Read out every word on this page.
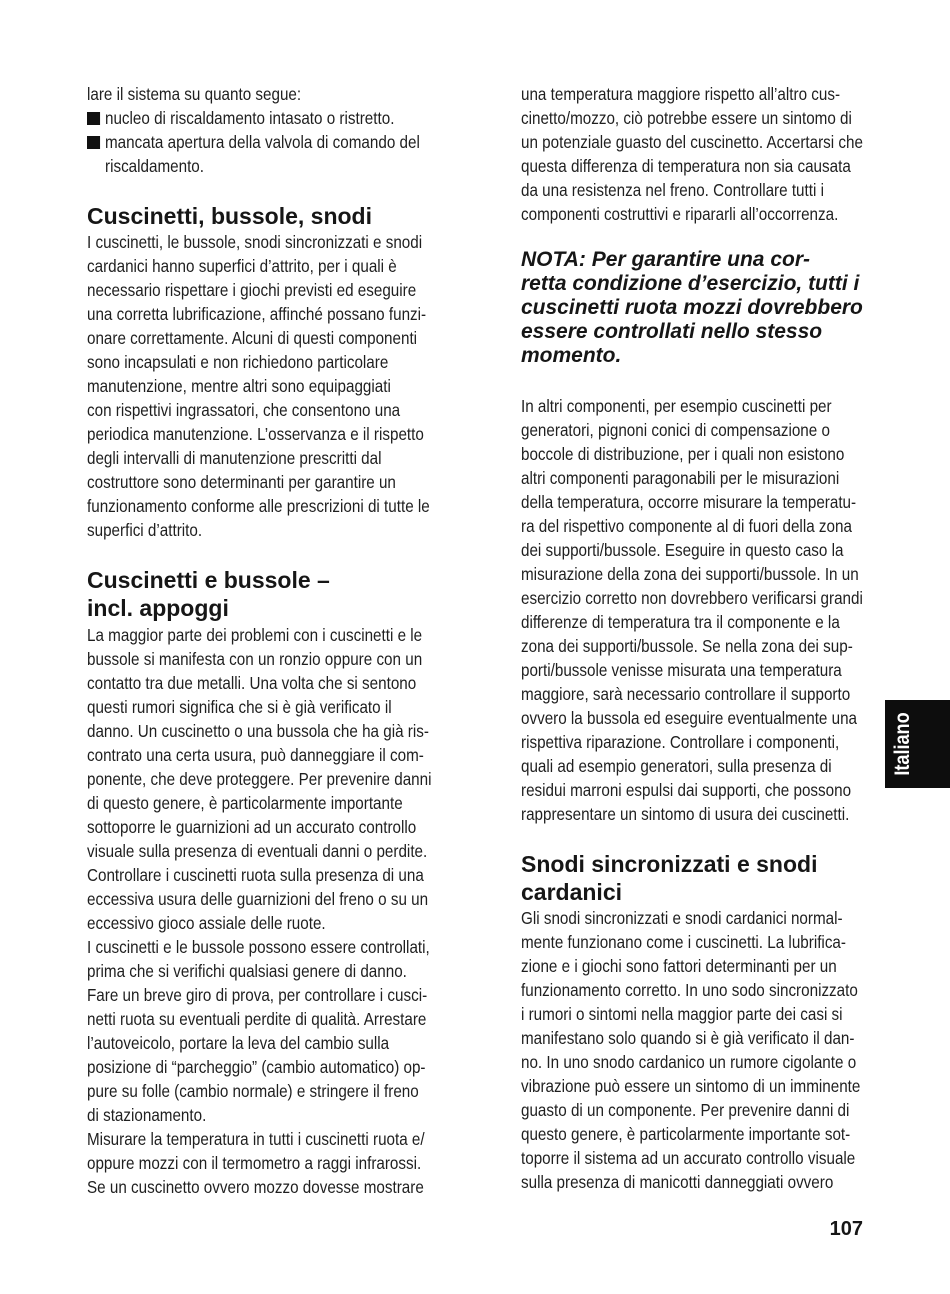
lare il sistema su quanto segue:
nucleo di riscaldamento intasato o ristretto.
mancata apertura della valvola di comando del
riscaldamento.
Cuscinetti, bussole, snodi
I cuscinetti, le bussole, snodi sincronizzati e snodi
cardanici hanno superfici d’attrito, per i quali è
necessario rispettare i giochi previsti ed eseguire
una corretta lubrificazione, affinché possano funzi-
onare correttamente. Alcuni di questi componenti
sono incapsulati e non richiedono particolare
manutenzione, mentre altri sono equipaggiati
con rispettivi ingrassatori, che consentono una
periodica manutenzione. L’osservanza e il rispetto
degli intervalli di manutenzione prescritti dal
costruttore sono determinanti per garantire un
funzionamento conforme alle prescrizioni di tutte le
superfici d’attrito.
Cuscinetti e bussole –
incl. appoggi
La maggior parte dei problemi con i cuscinetti e le
bussole si manifesta con un ronzio oppure con un
contatto tra due metalli. Una volta che si sentono
questi rumori significa che si è già verificato il
danno. Un cuscinetto o una bussola che ha già ris-
contrato una certa usura, può danneggiare il com-
ponente, che deve proteggere. Per prevenire danni
di questo genere, è particolarmente importante
sottoporre le guarnizioni ad un accurato controllo
visuale sulla presenza di eventuali danni o perdite.
Controllare i cuscinetti ruota sulla presenza di una
eccessiva usura delle guarnizioni del freno o su un
eccessivo gioco assiale delle ruote.
I cuscinetti e le bussole possono essere controllati,
prima che si verifichi qualsiasi genere di danno.
Fare un breve giro di prova, per controllare i cusci-
netti ruota su eventuali perdite di qualità. Arrestare
l’autoveicolo, portare la leva del cambio sulla
posizione di “parcheggio” (cambio automatico) op-
pure su folle (cambio normale) e stringere il freno
di stazionamento.
Misurare la temperatura in tutti i cuscinetti ruota e/
oppure mozzi con il termometro a raggi infrarossi.
Se un cuscinetto ovvero mozzo dovesse mostrare
una temperatura maggiore rispetto all’altro cus-
cinetto/mozzo, ciò potrebbe essere un sintomo di
un potenziale guasto del cuscinetto. Accertarsi che
questa differenza di temperatura non sia causata
da una resistenza nel freno. Controllare tutti i
componenti costruttivi e ripararli all’occorrenza.
NOTA: Per garantire una cor-
retta condizione d’esercizio, tutti i
cuscinetti ruota mozzi dovrebbero
essere controllati nello stesso
momento.
In altri componenti, per esempio cuscinetti per
generatori, pignoni conici di compensazione o
boccole di distribuzione, per i quali non esistono
altri componenti paragonabili per le misurazioni
della temperatura, occorre misurare la temperatu-
ra del rispettivo componente al di fuori della zona
dei supporti/bussole. Eseguire in questo caso la
misurazione della zona dei supporti/bussole. In un
esercizio corretto non dovrebbero verificarsi grandi
differenze di temperatura tra il componente e la
zona dei supporti/bussole. Se nella zona dei sup-
porti/bussole venisse misurata una temperatura
maggiore, sarà necessario controllare il supporto
ovvero la bussola ed eseguire eventualmente una
rispettiva riparazione. Controllare i componenti,
quali ad esempio generatori, sulla presenza di
residui marroni espulsi dai supporti, che possono
rappresentare un sintomo di usura dei cuscinetti.
Snodi sincronizzati e snodi
cardanici
Gli snodi sincronizzati e snodi cardanici normal-
mente funzionano come i cuscinetti. La lubrifica-
zione e i giochi sono fattori determinanti per un
funzionamento corretto. In uno sodo sincronizzato
i rumori o sintomi nella maggior parte dei casi si
manifestano solo quando si è già verificato il dan-
no. In uno snodo cardanico un rumore cigolante o
vibrazione può essere un sintomo di un imminente
guasto di un componente. Per prevenire danni di
questo genere, è particolarmente importante sot-
toporre il sistema ad un accurato controllo visuale
sulla presenza di manicotti danneggiati ovvero
107
Italiano
